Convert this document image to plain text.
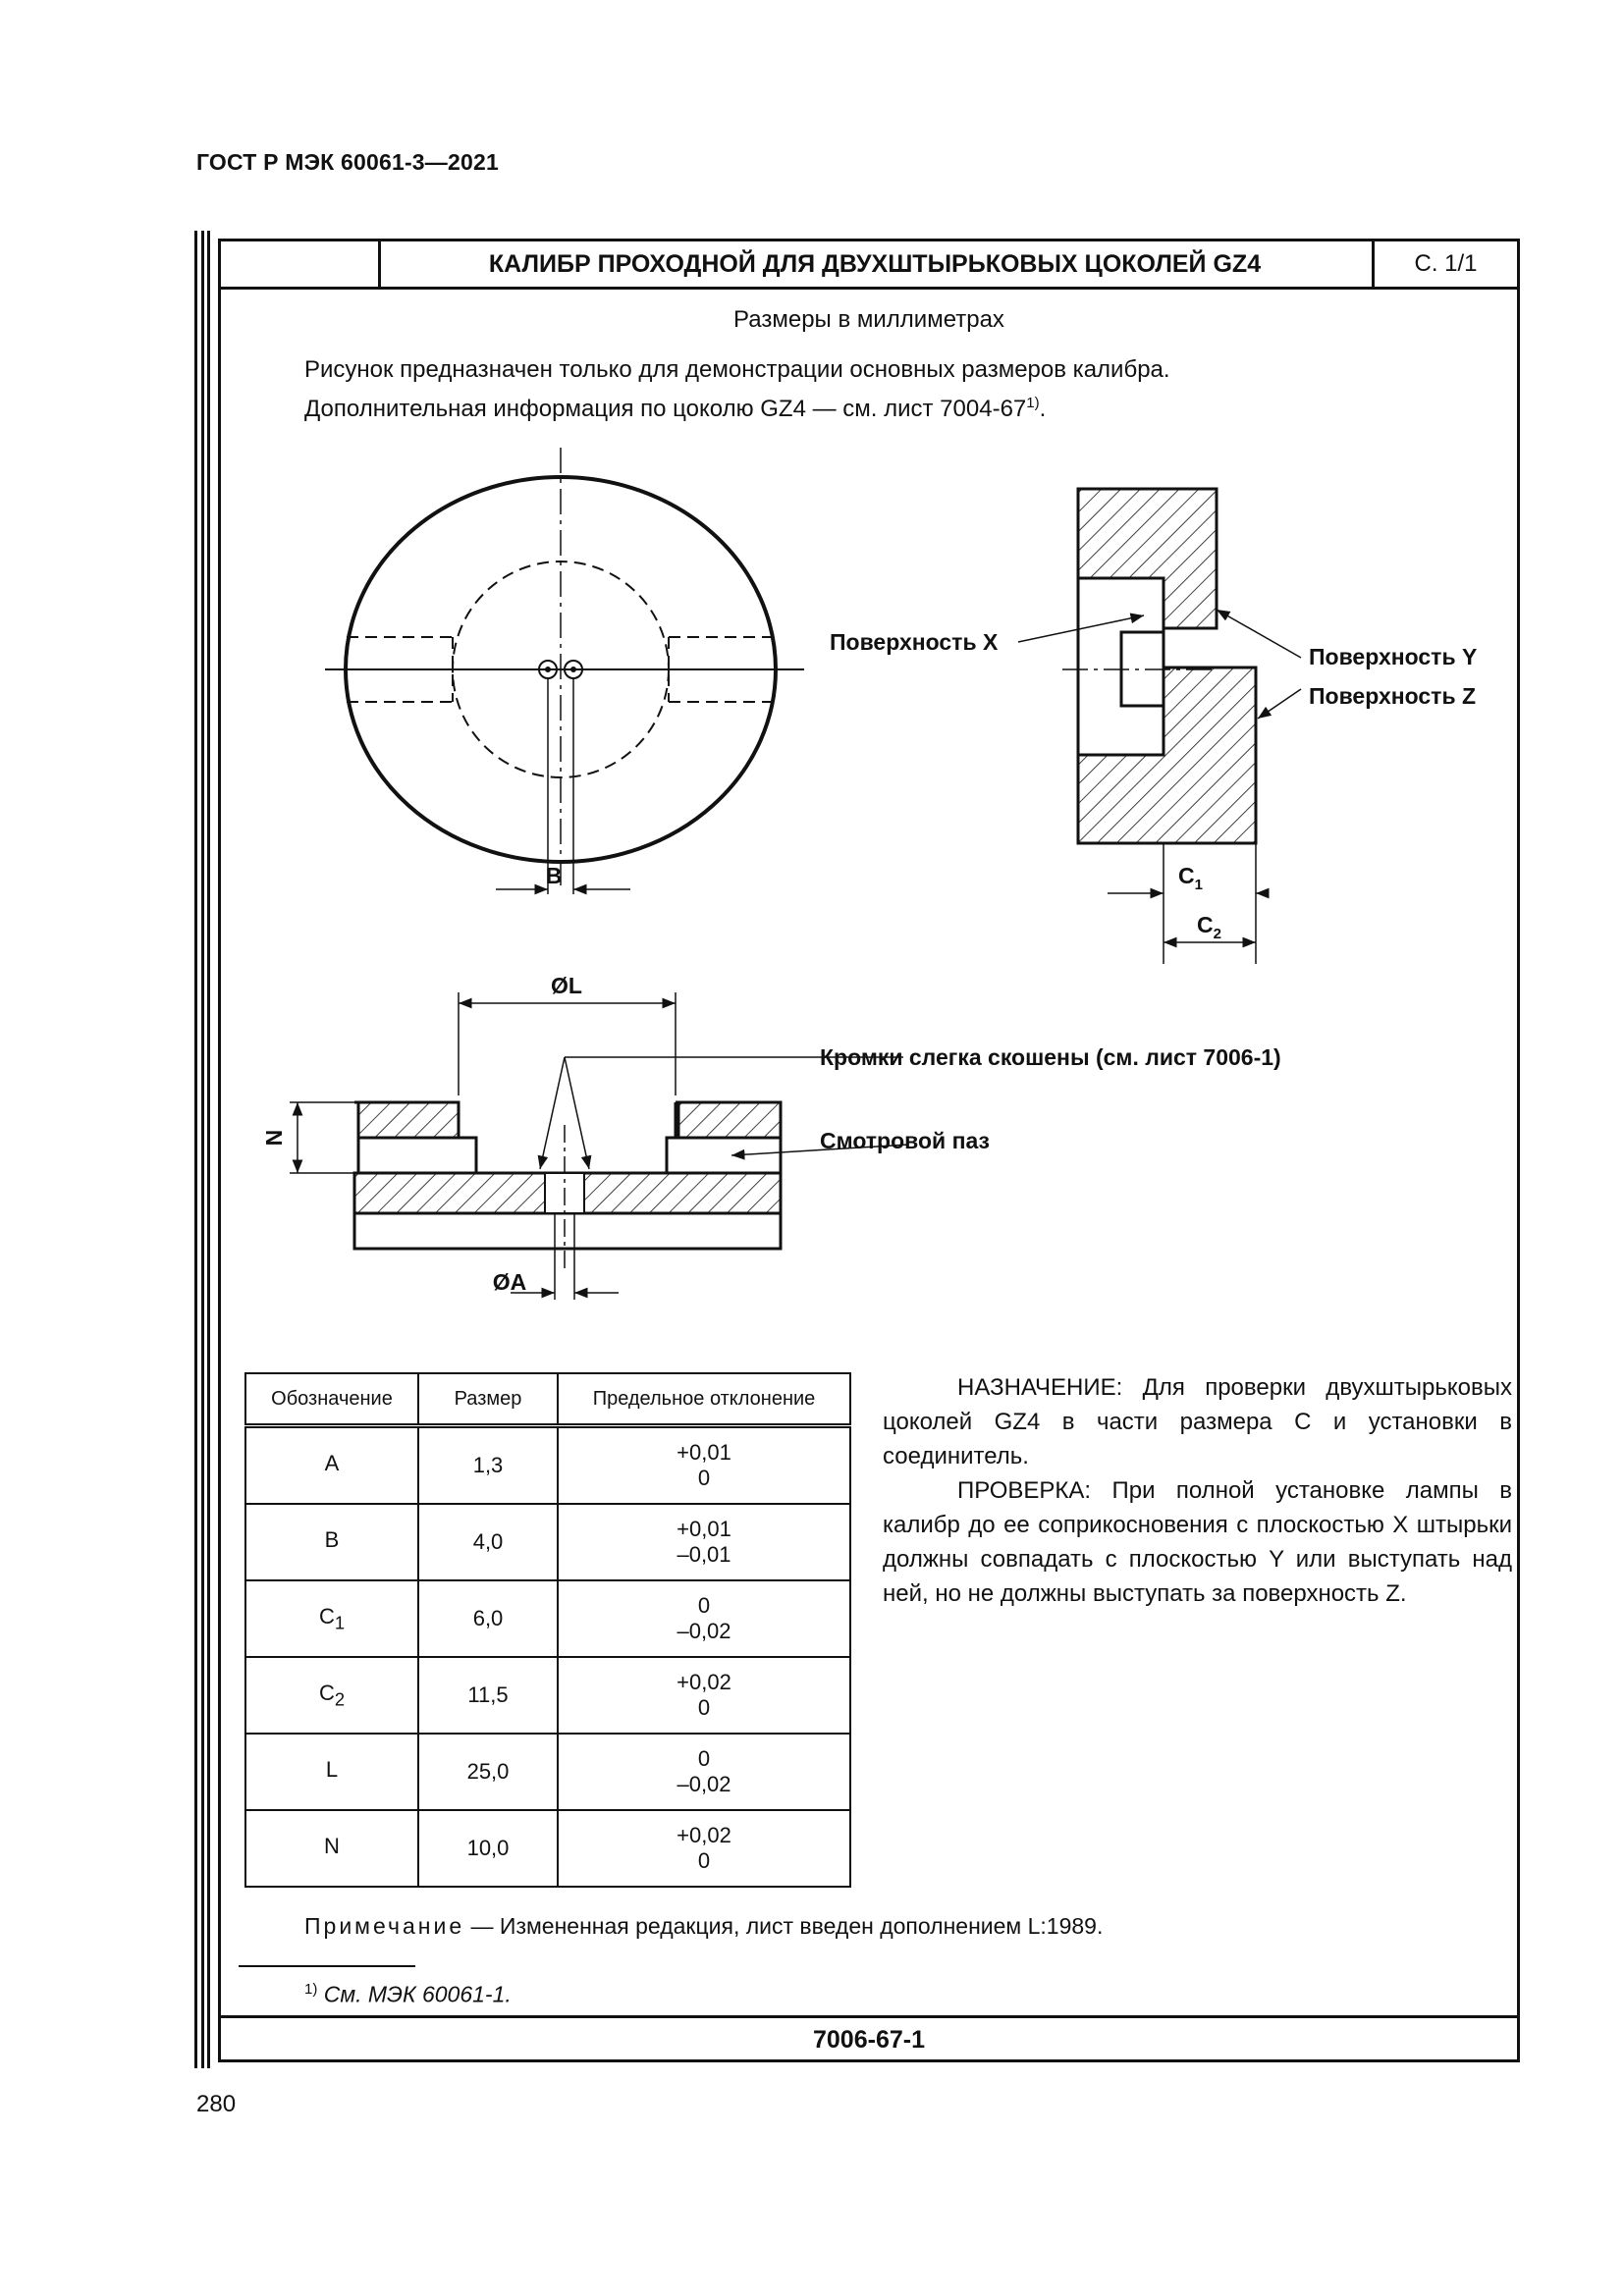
ГОСТ Р МЭК 60061-3—2021
КАЛИБР ПРОХОДНОЙ ДЛЯ ДВУХШТЫРЬКОВЫХ ЦОКОЛЕЙ GZ4	С. 1/1
Размеры в миллиметрах
Рисунок предназначен только для демонстрации основных размеров калибра.
Дополнительная информация по цоколю GZ4 — см. лист 7004-67$^{1)}$.
B
Поверхность X
Поверхность Y
Поверхность Z
$C_1$
$C_2$
ØL
ØA
N
Кромки слегка скошены (см. лист 7006-1)
Смотровой паз
Обозначение	Размер	Предельное отклонение
A	1,3	+0,01
0

B	4,0	+0,01
–0,01

$C_1$	6,0	0
–0,02

$C_2$	11,5	+0,02
0

L	25,0	0
–0,02

N	10,0	+0,02
0

НАЗНАЧЕНИЕ: Для проверки двухштырьковых цоколей GZ4 в части размера C и установки в соединитель.

ПРОВЕРКА: При полной установке лампы в калибр до ее соприкосновения с плоскостью X штырьки должны совпадать с плоскостью Y или выступать над ней, но не должны выступать за поверхность Z.

Примечание — Измененная редакция, лист введен дополнением L:1989.
$^{1)}$ См. МЭК 60061-1.
7006-67-1
280
